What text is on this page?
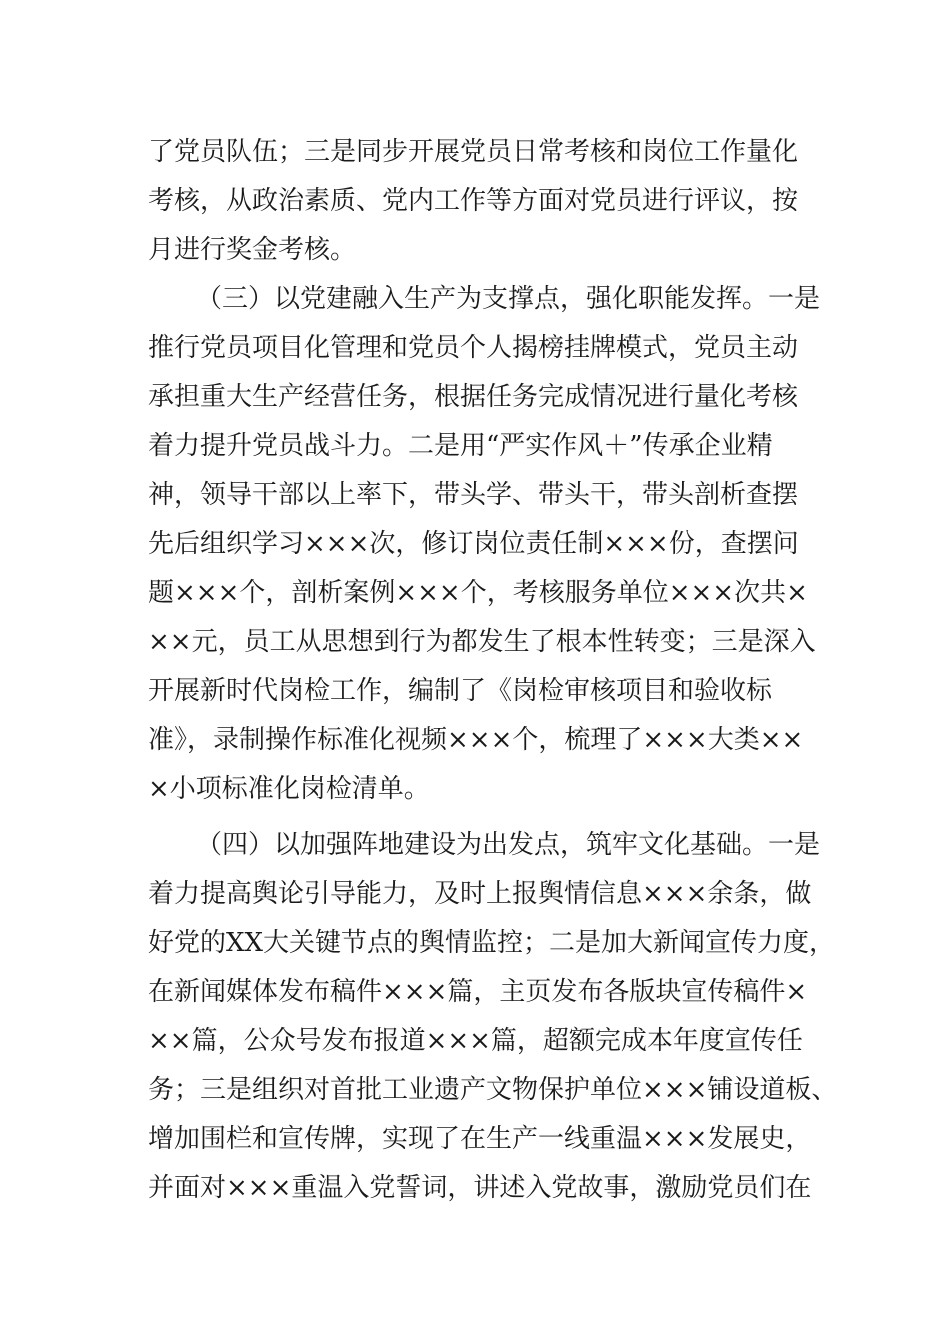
了党员队伍；三是同步开展党员日常考核和岗位工作量化
考核，从政治素质、党内工作等方面对党员进行评议，按
月进行奖金考核。
（三）以党建融入生产为支撑点，强化职能发挥。一是
推行党员项目化管理和党员个人揭榜挂牌模式，党员主动
承担重大生产经营任务，根据任务完成情况进行量化考核
着力提升党员战斗力。二是用“严实作风＋”传承企业精
神，领导干部以上率下，带头学、带头干，带头剖析查摆
先后组织学习×××次，修订岗位责任制×××份，查摆问
题×××个，剖析案例×××个，考核服务单位×××次共×
××元，员工从思想到行为都发生了根本性转变；三是深入
开展新时代岗检工作，编制了《岗检审核项目和验收标
准》，录制操作标准化视频×××个，梳理了×××大类××
×小项标准化岗检清单。
（四）以加强阵地建设为出发点，筑牢文化基础。一是
着力提高舆论引导能力，及时上报舆情信息×××余条，做
好党的XX大关键节点的舆情监控；二是加大新闻宣传力度，
在新闻媒体发布稿件×××篇，主页发布各版块宣传稿件×
××篇，公众号发布报道×××篇，超额完成本年度宣传任
务；三是组织对首批工业遗产文物保护单位×××铺设道板、
增加围栏和宣传牌，实现了在生产一线重温×××发展史，
并面对×××重温入党誓词，讲述入党故事，激励党员们在
